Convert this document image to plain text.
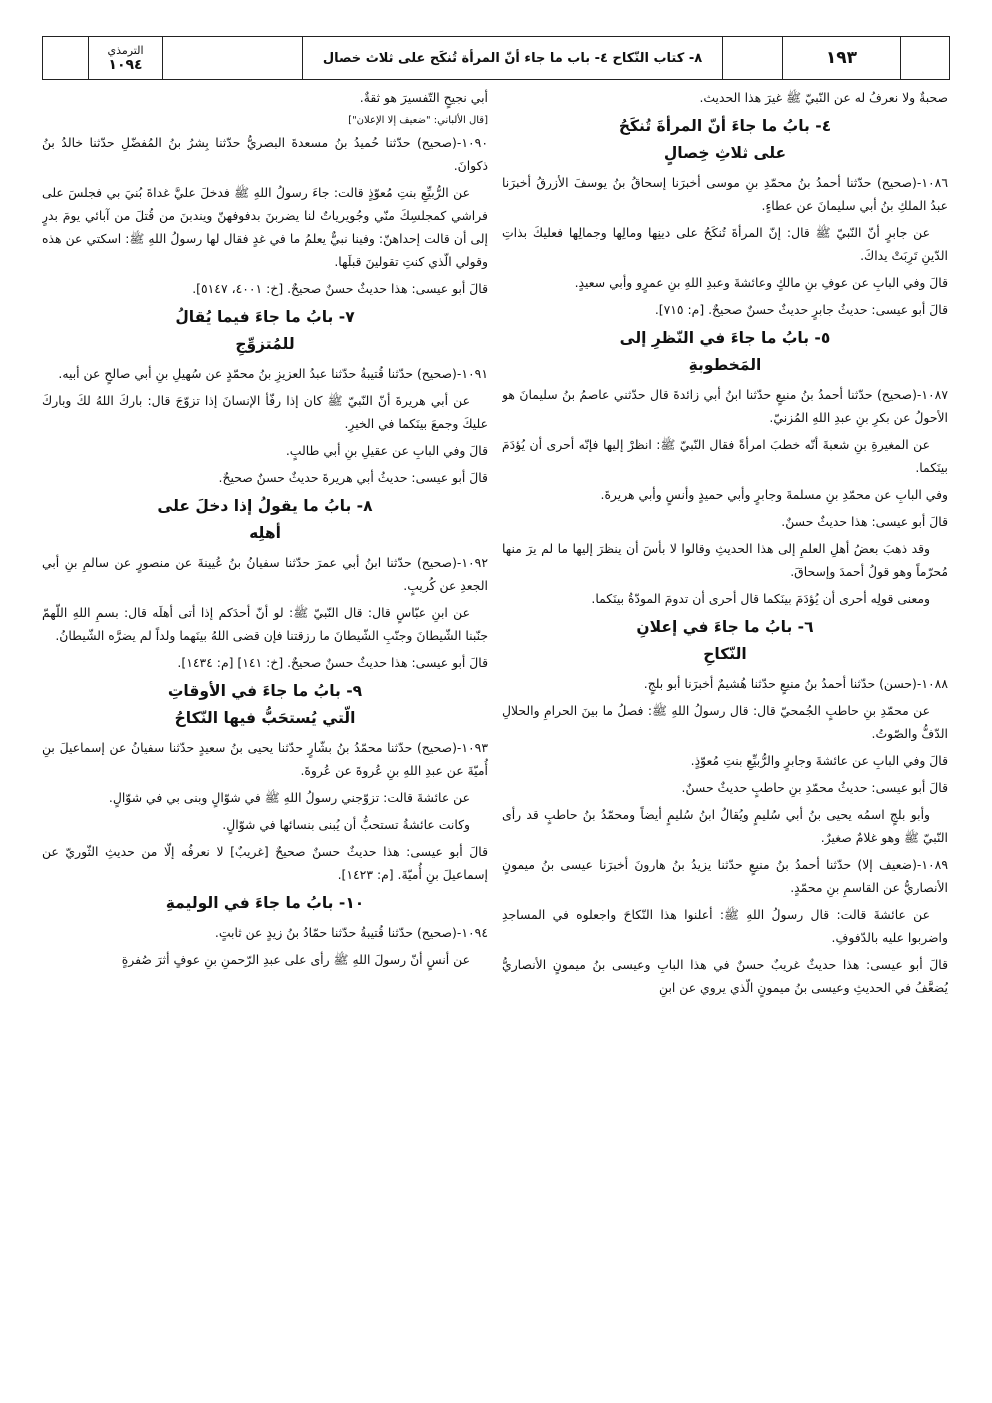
الترمذي
١٠٩٤	٨- كتاب النّكاح ٤- باب ما جاء أنّ المرأة تُنكَح على ثلاث خصال	١٩٣

صحبةٌ ولا نعرفُ له عن النّبيّ ﷺ غيرَ هذا الحديث.

٤- بابُ ما جاءَ أنّ المرأةَ تُنكَحُ
على ثلاثِ خِصالٍ

١٠٨٦-(صحيح) حدّثنا أحمدُ بنُ محمّدِ بنِ موسى أخبرَنا إسحاقُ بنُ يوسفَ الأزرقُ أخبرَنا عبدُ الملكِ بنُ أبي سليمانَ عن عطاءٍ.

عن جابرٍ أنّ النّبيّ ﷺ قال: إنّ المرأةَ تُنكَحُ على دينِها ومالِها وجمالِها فعليكَ بذاتِ الدّينِ تَرِبَتْ يداكَ.

قالَ وفي البابِ عن عوفِ بنِ مالكٍ وعائشةَ وعبدِ اللهِ بنِ عمرٍو وأبي سعيدٍ.

قالَ أبو عيسى: حديثُ جابرٍ حديثٌ حسنٌ صحيحٌ. [م: ٧١٥].

٥- بابُ ما جاءَ في النّظرِ إلى
المَخطوبةِ

١٠٨٧-(صحيح) حدّثنا أحمدُ بنُ منيعٍ حدّثنا ابنُ أبي زائدةَ قال حدّثني عاصمُ بنُ سليمانَ هو الأحولُ عن بكرِ بنِ عبدِ اللهِ المُزنيّ.

عن المغيرةِ بنِ شعبةَ أنّه خطبَ امرأةً فقال النّبيّ ﷺ: انظرْ إليها فإنّه أحرى أن يُؤدَمَ بينَكما.

وفي البابِ عن محمّدِ بنِ مسلمةَ وجابرٍ وأبي حميدٍ وأنسٍ وأبي هريرةَ.

قالَ أبو عيسى: هذا حديثٌ حسنٌ.

وقد ذهبَ بعضُ أهلِ العلمِ إلى هذا الحديثِ وقالوا لا بأسَ أن ينظرَ إليها ما لم يرَ منها مُحرّماً وهو قولُ أحمدَ وإسحاقَ.

ومعنى قولِه أحرى أن يُؤدَمَ بينَكما قال أحرى أن تدومَ المودّةُ بينَكما.

٦- بابُ ما جاءَ في إعلانِ
النّكاحِ

١٠٨٨-(حسن) حدّثنا أحمدُ بنُ منيعٍ حدّثنا هُشيمٌ أخبرَنا أبو بلجٍ.

عن محمّدِ بنِ حاطبٍ الجُمحيّ قال: قال رسولُ اللهِ ﷺ: فصلُ ما بينَ الحرامِ والحلالِ الدّفُّ والصّوتُ.

قالَ وفي البابِ عن عائشةَ وجابرٍ والرُّبيِّعِ بنتِ مُعوّذٍ.

قالَ أبو عيسى: حديثُ محمّدِ بنِ حاطبٍ حديثٌ حسنٌ.

وأبو بلجٍ اسمُه يحيى بنُ أبي سُليمٍ ويُقالُ ابنُ سُليمٍ أيضاً ومحمّدُ بنُ حاطبٍ قد رأى النّبيّ ﷺ وهو غلامٌ صغيرٌ.

١٠٨٩-(ضعيف إلا) حدّثنا أحمدُ بنُ منيعٍ حدّثنا يزيدُ بنُ هارونَ أخبرَنا عيسى بنُ ميمونٍ الأنصاريُّ عن القاسمِ بنِ محمّدٍ.

عن عائشةَ قالت: قال رسولُ اللهِ ﷺ: أعلنوا هذا النّكاحَ واجعلوه في المساجدِ واضربوا عليه بالدّفوفِ.

قالَ أبو عيسى: هذا حديثٌ غريبٌ حسنٌ في هذا البابِ وعيسى بنُ ميمونٍ الأنصاريُّ يُضعَّفُ في الحديثِ وعيسى بنُ ميمونٍ الّذي يروي عن ابنِ

أبي نجيحٍ التّفسيرَ هو ثقةٌ.

[قال الألباني: "ضعيف إلا الإعلان"]

١٠٩٠-(صحيح) حدّثنا حُميدُ بنُ مسعدةَ البصريُّ حدّثنا بِشرُ بنُ المُفضّلِ حدّثنا خالدُ بنُ ذكوانَ.

عن الرُّبيِّعِ بنتِ مُعوّذٍ قالت: جاءَ رسولُ اللهِ ﷺ فدخلَ عليَّ غداةَ بُنيَ بي فجلسَ على فراشي كمجلسِكَ منّي وجُويرياتٌ لنا يضربنَ بدفوفهنّ ويندبنَ من قُتلَ من آبائي يومَ بدرٍ إلى أن قالت إحداهنّ: وفينا نبيٌّ يعلمُ ما في غدٍ فقال لها رسولُ اللهِ ﷺ: اسكتي عن هذه وقولي الّذي كنتِ تقولينَ قبلَها.

قالَ أبو عيسى: هذا حديثٌ حسنٌ صحيحٌ. [خ: ٤٠٠١، ٥١٤٧].

٧- بابُ ما جاءَ فيما يُقالُ
للمُتزوِّجِ

١٠٩١-(صحيح) حدّثنا قُتيبةُ حدّثنا عبدُ العزيزِ بنُ محمّدٍ عن سُهيلِ بنِ أبي صالحٍ عن أبيه.

عن أبي هريرةَ أنّ النّبيّ ﷺ كان إذا رفّأ الإنسانَ إذا تزوّجَ قال: باركَ اللهُ لكَ وباركَ عليكَ وجمعَ بينَكما في الخيرِ.

قالَ وفي البابِ عن عقيلِ بنِ أبي طالبٍ.

قالَ أبو عيسى: حديثُ أبي هريرةَ حديثٌ حسنٌ صحيحٌ.

٨- بابُ ما يقولُ إذا دخلَ على
أهلِه

١٠٩٢-(صحيح) حدّثنا ابنُ أبي عمرَ حدّثنا سفيانُ بنُ عُيينةَ عن منصورٍ عن سالمِ بنِ أبي الجعدِ عن كُريبٍ.

عن ابنِ عبّاسٍ قال: قال النّبيّ ﷺ: لو أنّ أحدَكم إذا أتى أهلَه قال: بسمِ اللهِ اللّهمّ جنّبنا الشّيطانَ وجنّبِ الشّيطانَ ما رزقتنا فإن قضى اللهُ بينَهما ولداً لم يضرَّه الشّيطانُ.

قالَ أبو عيسى: هذا حديثٌ حسنٌ صحيحٌ. [خ: ١٤١] [م: ١٤٣٤].

٩- بابُ ما جاءَ في الأوقاتِ
الّتي يُستحَبُّ فيها النّكاحُ

١٠٩٣-(صحيح) حدّثنا محمّدُ بنُ بشّارٍ حدّثنا يحيى بنُ سعيدٍ حدّثنا سفيانُ عن إسماعيلَ بنِ أُميّةَ عن عبدِ اللهِ بنِ عُروةَ عن عُروةَ.

عن عائشةَ قالت: تزوّجني رسولُ اللهِ ﷺ في شوّالٍ وبنى بي في شوّالٍ.

وكانت عائشةُ تستحبُّ أن يُبنى بنسائها في شوّالٍ.

قالَ أبو عيسى: هذا حديثٌ حسنٌ صحيحٌ [غريبٌ] لا نعرفُه إلّا من حديثِ الثّوريّ عن إسماعيلَ بنِ أُميّةَ. [م: ١٤٢٣].

١٠- بابُ ما جاءَ في الوليمةِ

١٠٩٤-(صحيح) حدّثنا قُتيبةُ حدّثنا حمّادُ بنُ زيدٍ عن ثابتٍ.

عن أنسٍ أنّ رسولَ اللهِ ﷺ رأى على عبدِ الرّحمنِ بنِ عوفٍ أثرَ صُفرةٍ
